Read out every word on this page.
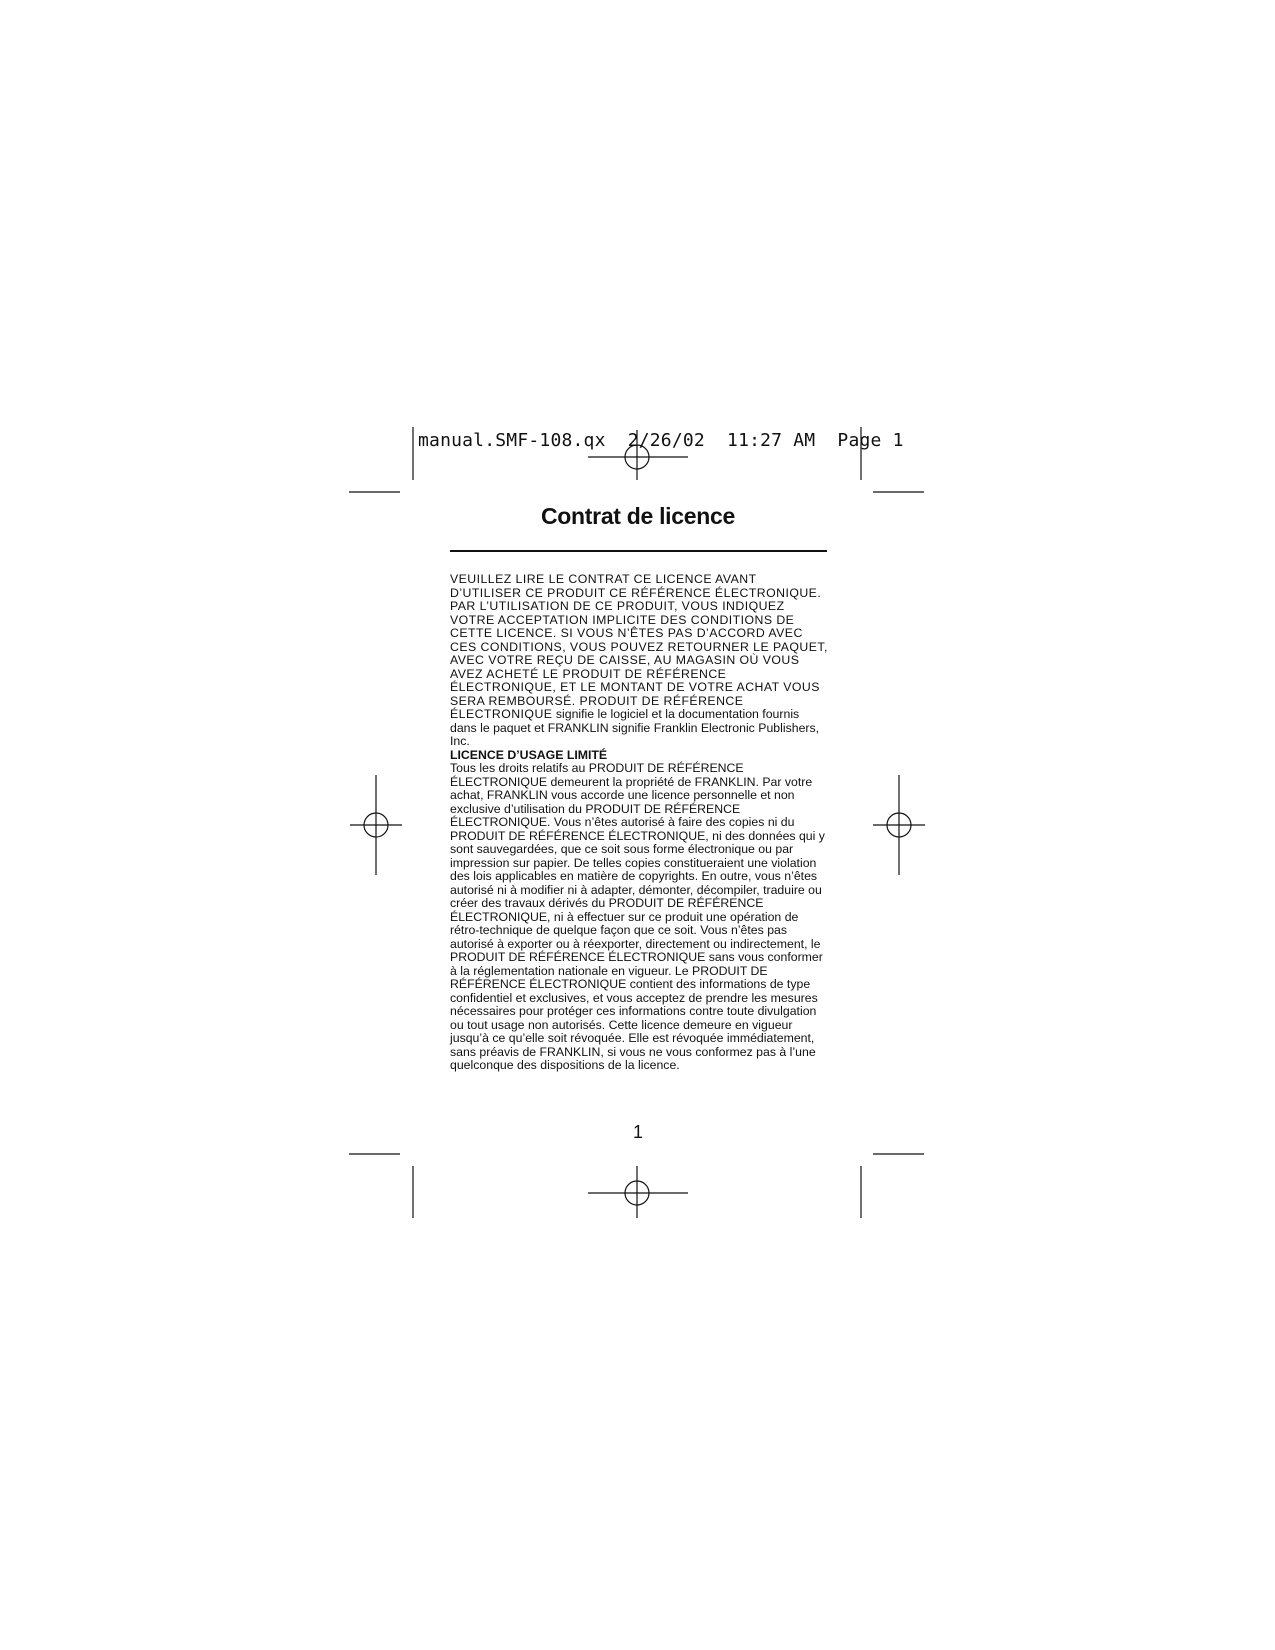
manual.SMF-108.qx  2/26/02  11:27 AM  Page 1
Contrat de licence

VEUILLEZ LIRE LE CONTRAT CE LICENCE AVANT D’UTILISER CE PRODUIT CE RÉFÉRENCE ÉLECTRONIQUE. PAR L’UTILISATION DE CE PRODUIT, VOUS INDIQUEZ VOTRE ACCEPTATION IMPLICITE DES CONDITIONS DE CETTE LICENCE. SI VOUS N’ÊTES PAS D’ACCORD AVEC CES CONDITIONS, VOUS POUVEZ RETOURNER LE PAQUET, AVEC VOTRE REÇU DE CAISSE, AU MAGASIN OÙ VOUS AVEZ ACHETÉ LE PRODUIT DE RÉFÉRENCE ÉLECTRONIQUE, ET LE MONTANT DE VOTRE ACHAT VOUS SERA REMBOURSÉ. PRODUIT DE RÉFÉRENCE ÉLECTRONIQUE signifie le logiciel et la documentation fournis dans le paquet et FRANKLIN signifie Franklin Electronic Publishers, Inc.

LICENCE D’USAGE LIMITÉ

Tous les droits relatifs au PRODUIT DE RÉFÉRENCE ÉLECTRONIQUE demeurent la propriété de FRANKLIN. Par votre achat, FRANKLIN vous accorde une licence personnelle et non exclusive d’utilisation du PRODUIT DE RÉFÉRENCE ÉLECTRONIQUE. Vous n’êtes autorisé à faire des copies ni du PRODUIT DE RÉFÉRENCE ÉLECTRONIQUE, ni des données qui y sont sauvegardées, que ce soit sous forme électronique ou par impression sur papier. De telles copies constitueraient une violation des lois applicables en matière de copyrights. En outre, vous n’êtes autorisé ni à modifier ni à adapter, démonter, décompiler, traduire ou créer des travaux dérivés du PRODUIT DE RÉFÉRENCE ÉLECTRONIQUE, ni à effectuer sur ce produit une opération de rétro-technique de quelque façon que ce soit. Vous n’êtes pas autorisé à exporter ou à réexporter, directement ou indirectement, le PRODUIT DE RÉFÉRENCE ÉLECTRONIQUE sans vous conformer à la réglementation nationale en vigueur. Le PRODUIT DE RÉFÉRENCE ÉLECTRONIQUE contient des informations de type confidentiel et exclusives, et vous acceptez de prendre les mesures nécessaires pour protéger ces informations contre toute divulgation ou tout usage non autorisés. Cette licence demeure en vigueur jusqu’à ce qu’elle soit révoquée. Elle est révoquée immédiatement, sans préavis de FRANKLIN, si vous ne vous conformez pas à l’une quelconque des dispositions de la licence.

1
